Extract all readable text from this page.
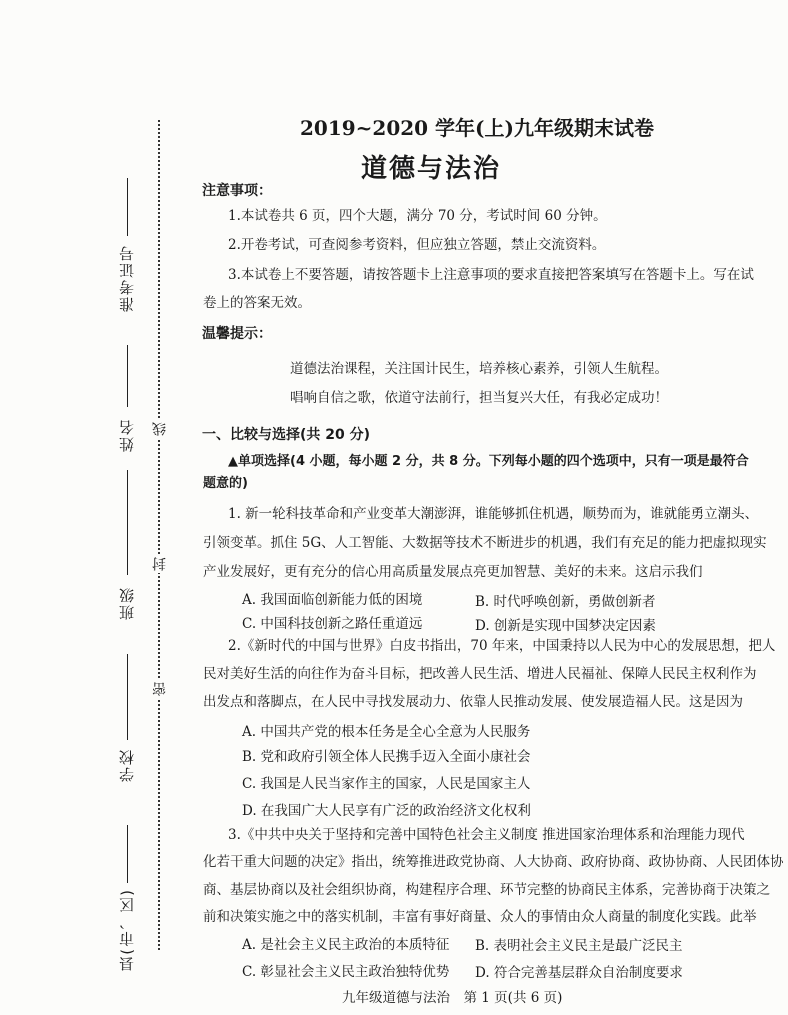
准考证号
姓名
班级
学校
县(市、区)
线
封
密
2019~2020 学年(上)九年级期末试卷
道德与法治
注意事项：
1.本试卷共 6 页，四个大题，满分 70 分，考试时间 60 分钟。
2.开卷考试，可查阅参考资料，但应独立答题，禁止交流资料。
3.本试卷上不要答题，请按答题卡上注意事项的要求直接把答案填写在答题卡上。写在试
卷上的答案无效。
温馨提示：
道德法治课程，关注国计民生，培养核心素养，引领人生航程。
唱响自信之歌，依道守法前行，担当复兴大任，有我必定成功！
一、比较与选择(共 20 分)
▲单项选择(4 小题，每小题 2 分，共 8 分。下列每小题的四个选项中，只有一项是最符合
题意的)
1. 新一轮科技革命和产业变革大潮澎湃，谁能够抓住机遇，顺势而为，谁就能勇立潮头、
引领变革。抓住 5G、人工智能、大数据等技术不断进步的机遇，我们有充足的能力把虚拟现实
产业发展好，更有充分的信心用高质量发展点亮更加智慧、美好的未来。这启示我们
A. 我国面临创新能力低的困境	B. 时代呼唤创新，勇做创新者
C. 中国科技创新之路任重道远	D. 创新是实现中国梦决定因素
2.《新时代的中国与世界》白皮书指出，70 年来，中国秉持以人民为中心的发展思想，把人
民对美好生活的向往作为奋斗目标，把改善人民生活、增进人民福祉、保障人民民主权利作为
出发点和落脚点，在人民中寻找发展动力、依靠人民推动发展、使发展造福人民。这是因为
A. 中国共产党的根本任务是全心全意为人民服务
B. 党和政府引领全体人民携手迈入全面小康社会
C. 我国是人民当家作主的国家，人民是国家主人
D. 在我国广大人民享有广泛的政治经济文化权利
3.《中共中央关于坚持和完善中国特色社会主义制度 推进国家治理体系和治理能力现代
化若干重大问题的决定》指出，统筹推进政党协商、人大协商、政府协商、政协协商、人民团体协
商、基层协商以及社会组织协商，构建程序合理、环节完整的协商民主体系，完善协商于决策之
前和决策实施之中的落实机制，丰富有事好商量、众人的事情由众人商量的制度化实践。此举
A. 是社会主义民主政治的本质特征 B. 表明社会主义民主是最广泛民主
C. 彰显社会主义民主政治独特优势 D. 符合完善基层群众自治制度要求
九年级道德与法治　第 1 页(共 6 页)
